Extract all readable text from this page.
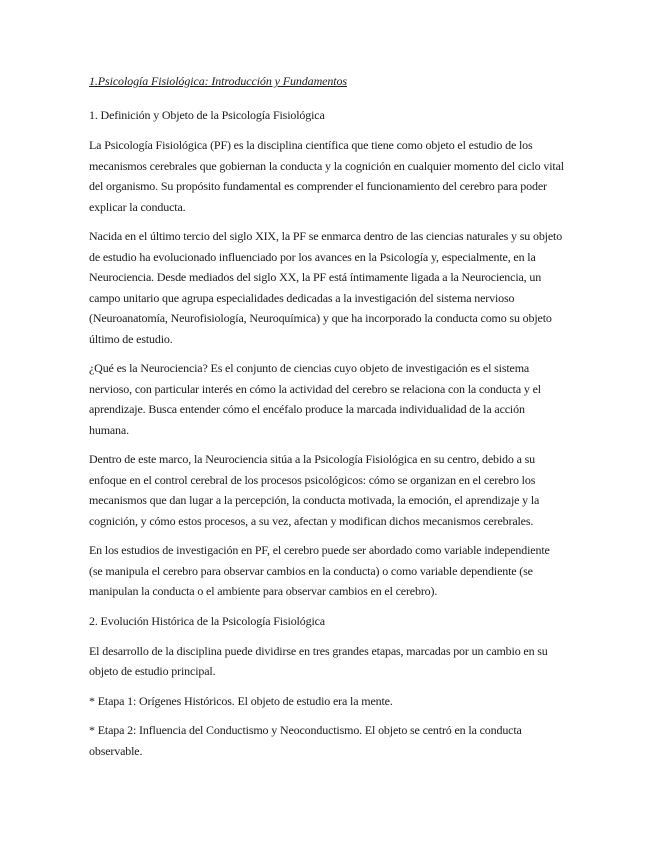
1.Psicología Fisiológica: Introducción y Fundamentos

1. Definición y Objeto de la Psicología Fisiológica

La Psicología Fisiológica (PF) es la disciplina científica que tiene como objeto el estudio de los mecanismos cerebrales que gobiernan la conducta y la cognición en cualquier momento del ciclo vital del organismo. Su propósito fundamental es comprender el funcionamiento del cerebro para poder explicar la conducta.

Nacida en el último tercio del siglo XIX, la PF se enmarca dentro de las ciencias naturales y su objeto de estudio ha evolucionado influenciado por los avances en la Psicología y, especialmente, en la Neurociencia. Desde mediados del siglo XX, la PF está íntimamente ligada a la Neurociencia, un campo unitario que agrupa especialidades dedicadas a la investigación del sistema nervioso (Neuroanatomía, Neurofisiología, Neuroquímica) y que ha incorporado la conducta como su objeto último de estudio.

¿Qué es la Neurociencia? Es el conjunto de ciencias cuyo objeto de investigación es el sistema nervioso, con particular interés en cómo la actividad del cerebro se relaciona con la conducta y el aprendizaje. Busca entender cómo el encéfalo produce la marcada individualidad de la acción humana.

Dentro de este marco, la Neurociencia sitúa a la Psicología Fisiológica en su centro, debido a su enfoque en el control cerebral de los procesos psicológicos: cómo se organizan en el cerebro los mecanismos que dan lugar a la percepción, la conducta motivada, la emoción, el aprendizaje y la cognición, y cómo estos procesos, a su vez, afectan y modifican dichos mecanismos cerebrales.

En los estudios de investigación en PF, el cerebro puede ser abordado como variable independiente (se manipula el cerebro para observar cambios en la conducta) o como variable dependiente (se manipulan la conducta o el ambiente para observar cambios en el cerebro).

2. Evolución Histórica de la Psicología Fisiológica

El desarrollo de la disciplina puede dividirse en tres grandes etapas, marcadas por un cambio en su objeto de estudio principal.

* Etapa 1: Orígenes Históricos. El objeto de estudio era la mente.

* Etapa 2: Influencia del Conductismo y Neoconductismo. El objeto se centró en la conducta observable.
